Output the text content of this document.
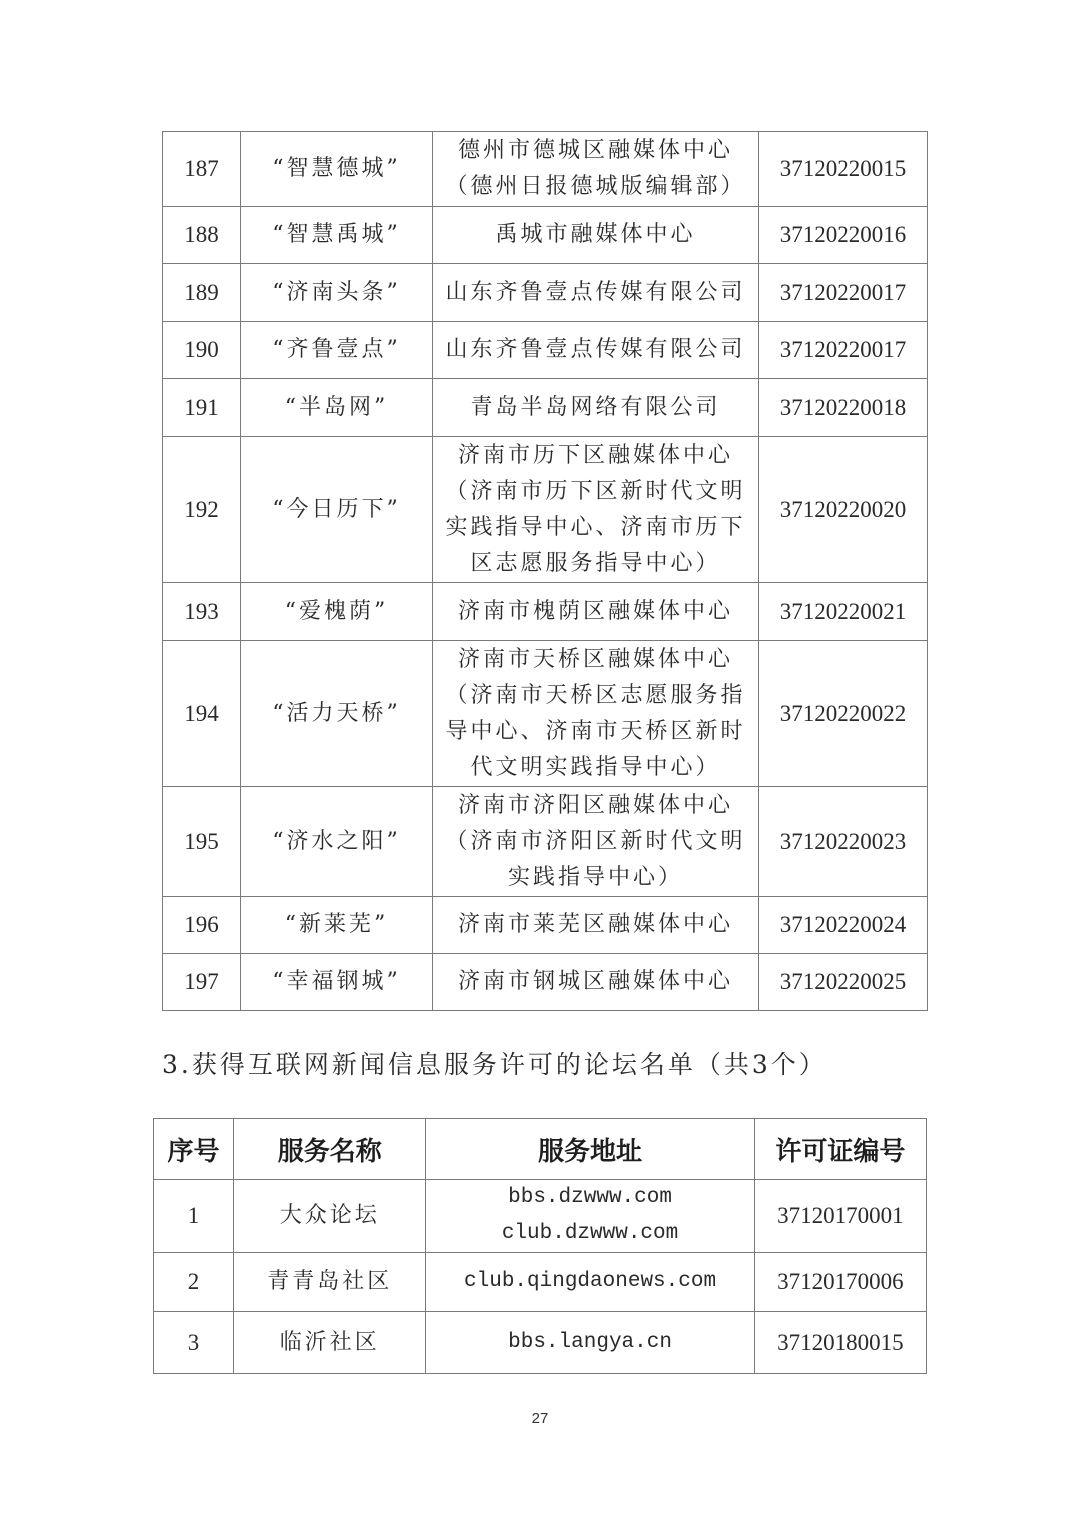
187	“智慧德城”	德州市德城区融媒体中心
（德州日报德城版编辑部）	37120220015
188	“智慧禹城”	禹城市融媒体中心	37120220016
189	“济南头条”	山东齐鲁壹点传媒有限公司	37120220017
190	“齐鲁壹点”	山东齐鲁壹点传媒有限公司	37120220017
191	“半岛网”	青岛半岛网络有限公司	37120220018
192	“今日历下”	济南市历下区融媒体中心
（济南市历下区新时代文明
实践指导中心、济南市历下
区志愿服务指导中心）	37120220020
193	“爱槐荫”	济南市槐荫区融媒体中心	37120220021
194	“活力天桥”	济南市天桥区融媒体中心
（济南市天桥区志愿服务指
导中心、济南市天桥区新时
代文明实践指导中心）	37120220022
195	“济水之阳”	济南市济阳区融媒体中心
（济南市济阳区新时代文明
实践指导中心）	37120220023
196	“新莱芜”	济南市莱芜区融媒体中心	37120220024
197	“幸福钢城”	济南市钢城区融媒体中心	37120220025
3.获得互联网新闻信息服务许可的论坛名单（共3个）
序号	服务名称	服务地址	许可证编号
1	大众论坛	bbs.dzwww.com
club.dzwww.com	37120170001
2	青青岛社区	club.qingdaonews.com	37120170006
3	临沂社区	bbs.langya.cn	37120180015
27
